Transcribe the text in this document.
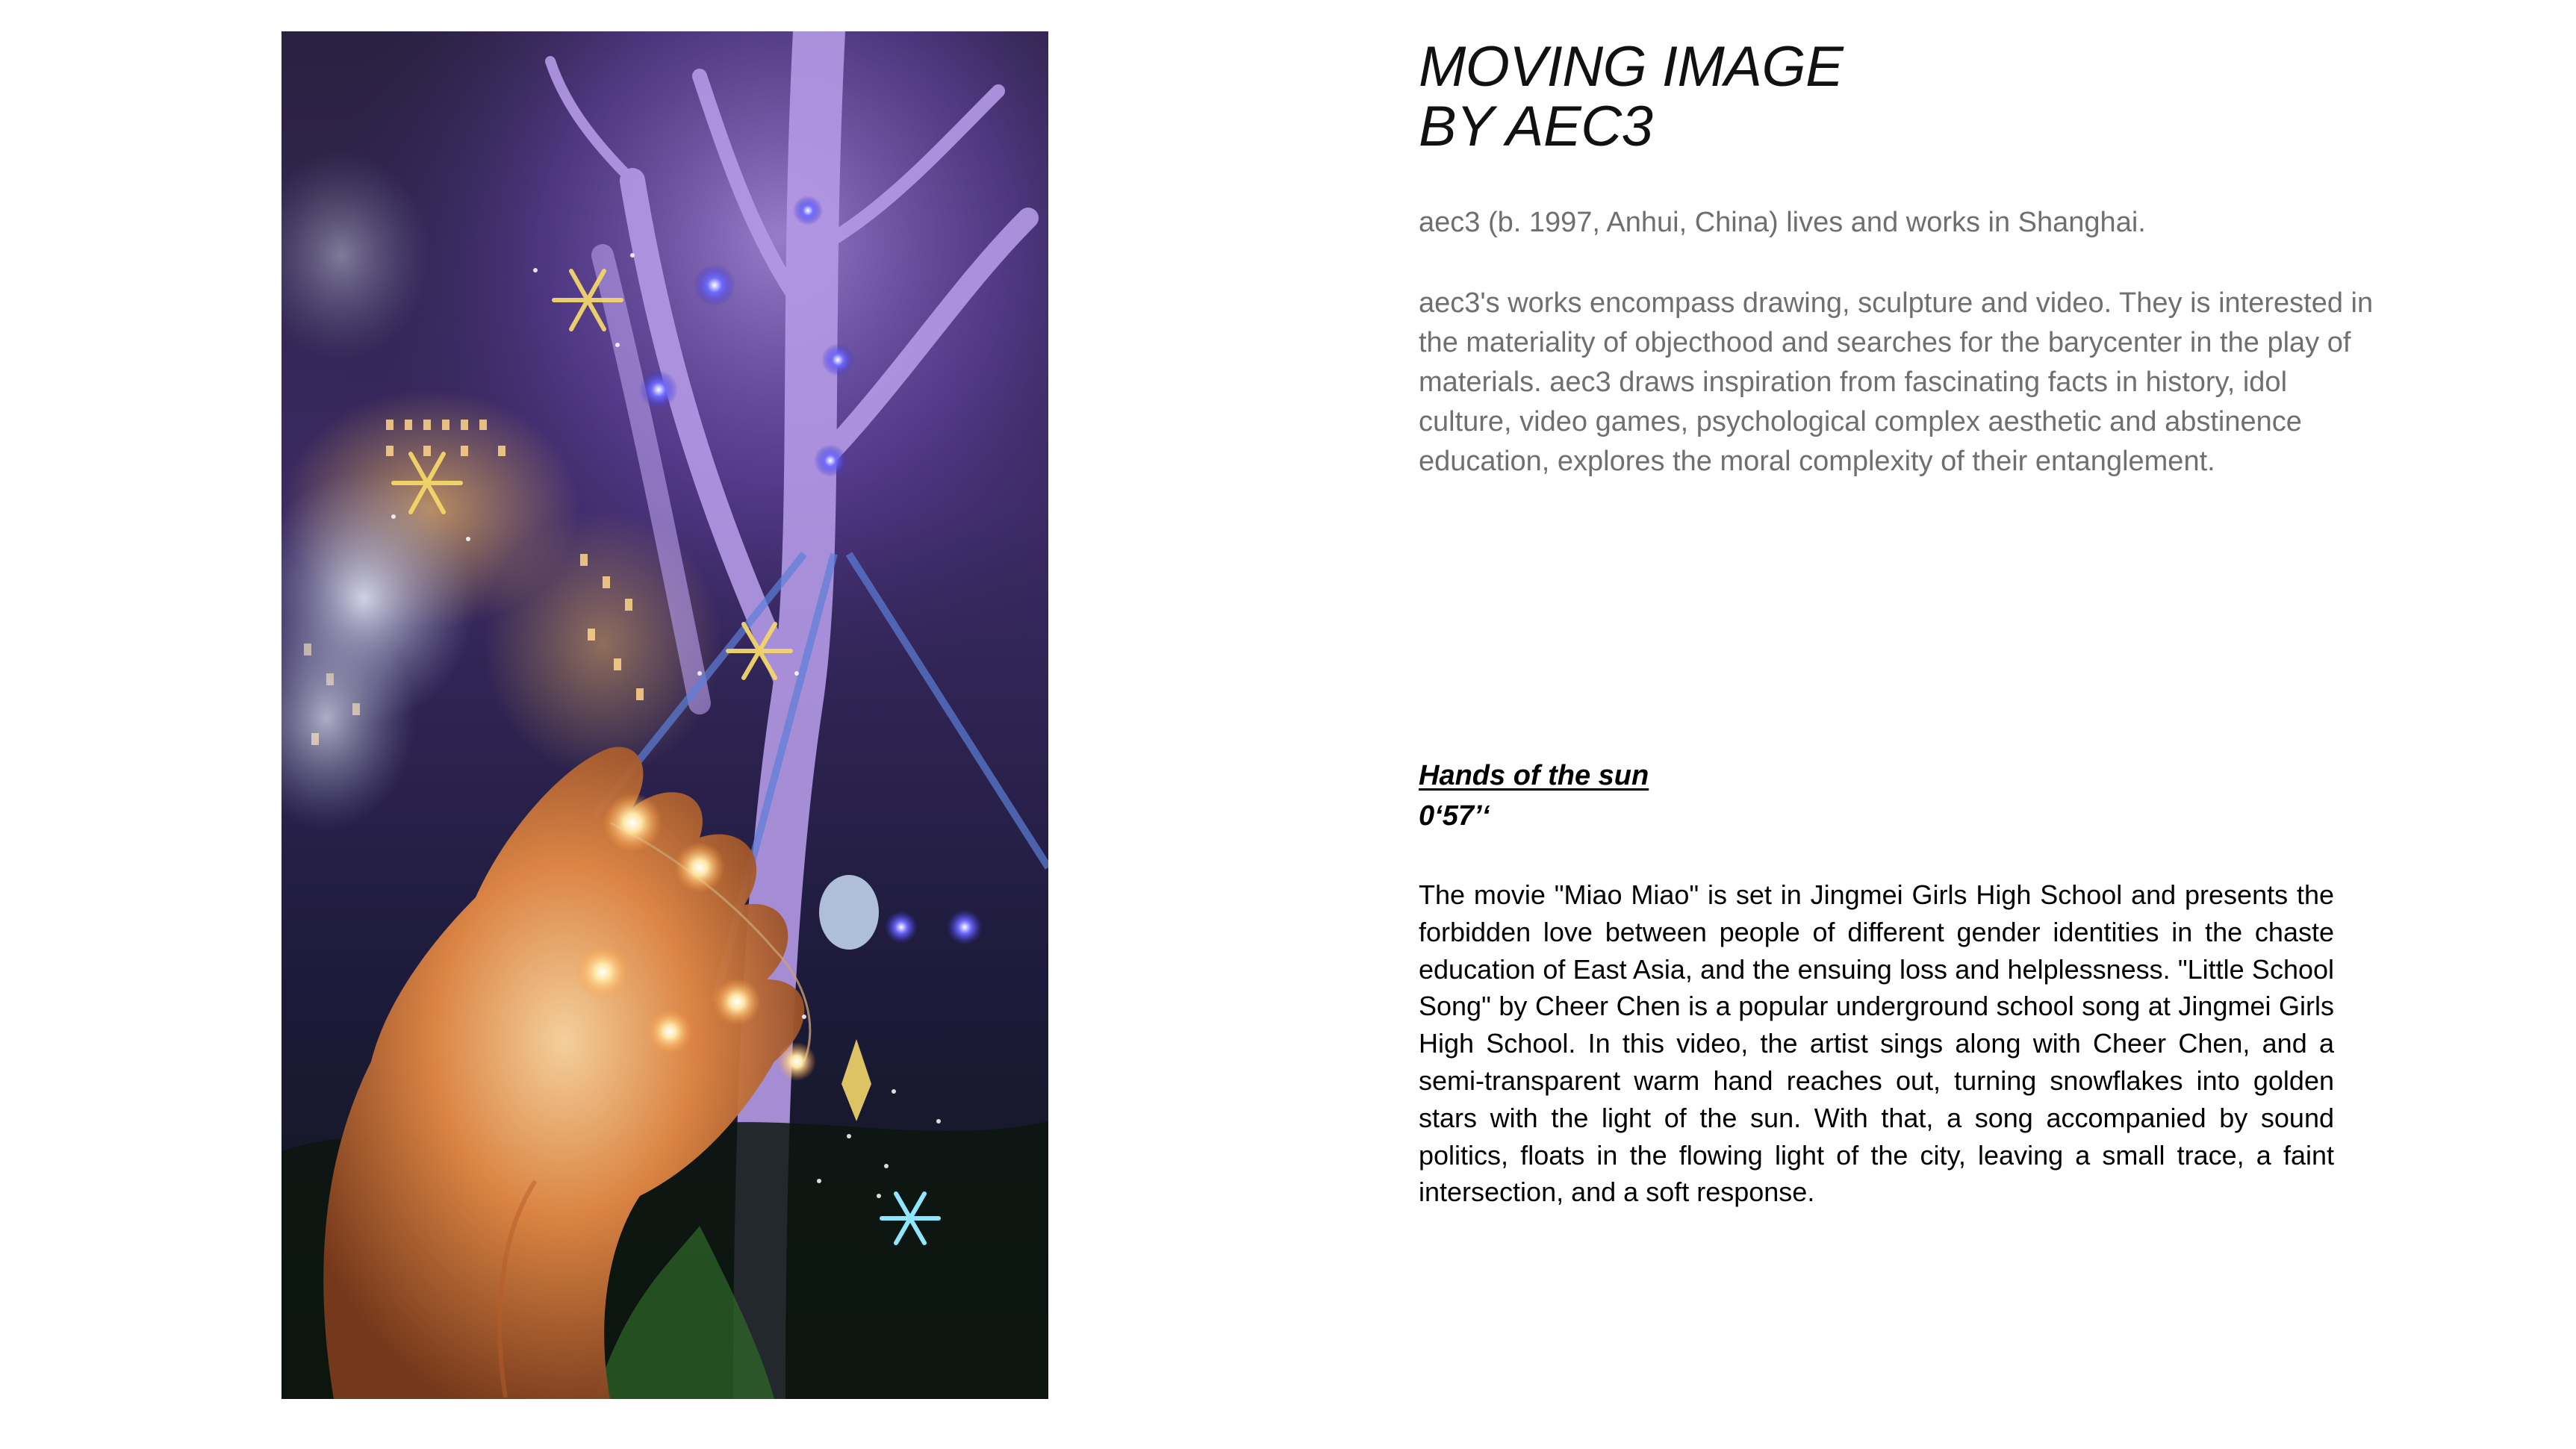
MOVING IMAGE
BY AEC3

aec3 (b. 1997, Anhui, China) lives and works in Shanghai.

aec3's works encompass drawing, sculpture and video. They is interested in the materiality of objecthood and searches for the barycenter in the play of materials. aec3 draws inspiration from fascinating facts in history, idol culture, video games, psychological complex aesthetic and abstinence education, explores the moral complexity of their entanglement.

Hands of the sun
0‘57’‘

The movie "Miao Miao" is set in Jingmei Girls High School and presents the forbidden love between people of different gender identities in the chaste education of East Asia, and the ensuing loss and helplessness. "Little School Song" by Cheer Chen is a popular underground school song at Jingmei Girls High School. In this video, the artist sings along with Cheer Chen, and a semi-transparent warm hand reaches out, turning snowflakes into golden stars with the light of the sun. With that, a song accompanied by sound politics, floats in the flowing light of the city, leaving a small trace, a faint intersection, and a soft response.
